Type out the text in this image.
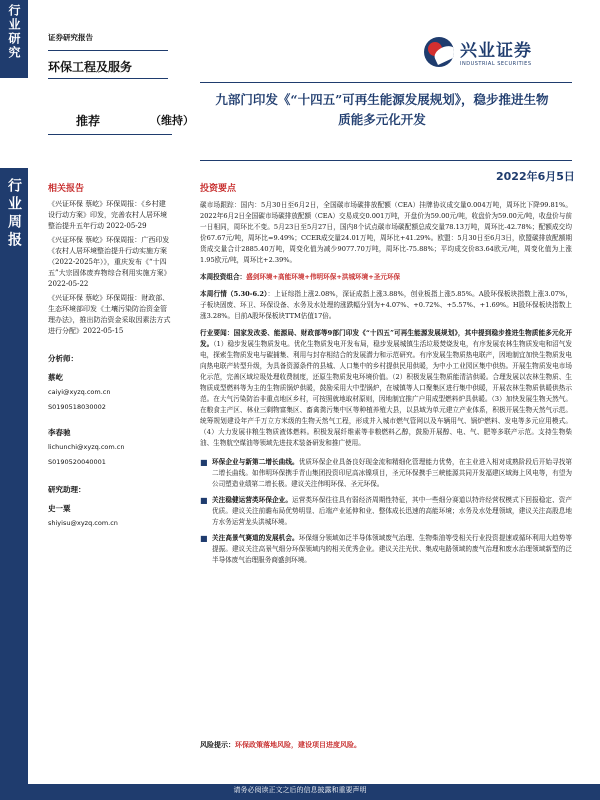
行业研究
行业周报
证券研究报告
环保工程及服务
兴业证券
INDUSTRIAL SECURITIES
推荐	（维持）
九部门印发《“十四五”可再生能源发展规划》，稳步推进生物质能多元化开发
2022年6月5日
相关报告
《兴证环保 蔡屹》环保周报：《乡村建设行动方案》印发，完善农村人居环境整治提升五年行动 2022-05-29
《兴证环保 蔡屹》环保周报：广西印发《农村人居环境整治提升行动实施方案（2022-2025年）》，重庆发布《“十四五”大宗固体废弃物综合利用实施方案》2022-05-22
《兴证环保 蔡屹》环保周报：财政部、生态环境部印发《土壤污染防治资金管理办法》，推出防治资金采取因素法方式进行分配》2022-05-15
分析师：
蔡屹
caiyi@xyzq.com.cn
S0190518030002
李春驰
lichunchi@xyzq.com.cn
S0190520040001
研究助理：
史一粟
shiyisu@xyzq.com.cn
投资要点
碳市场跟踪：国内：5月30日至6月2日，全国碳市场碳排放配额（CEA）挂牌协议成交量0.004万吨，周环比下降99.81%。2022年6月2日全国碳市场碳排放配额（CEA）交易成交0.001万吨，开盘价为59.00元/吨，收盘价为59.00元/吨，收盘价与前一日相同，周环比不变。5月23日至5月27日，国内8个试点碳市场碳配额总成交量78.13万吨，周环比-42.78%；配额成交均价67.67元/吨，周环比=9.49%；CCER成交量24.01万吨，周环比+41.29%。欧盟：5月30日至6月3日，欧盟碳排放配额期货成交量合计2885.40万吨，周变化值为减少9077.70万吨，周环比-75.88%；平均成交价83.64欧元/吨，周变化值为上涨1.95欧元/吨，周环比+2.39%。
本周投资组合：盛剑环境+高能环境+伟明环保+洪城环境+圣元环保
本周行情（5.30-6.2）：上证综指上涨2.08%，深证成指上涨3.88%，创业板指上涨5.85%。A股环保板块指数上涨3.07%，子板块固废、环卫、环保设备、水务及水处理的涨跌幅分别为+4.07%、+0.72%、+5.57%、+1.69%。H股环保板块指数上涨3.28%。目前A股环保板块TTM估值17倍。
行业要闻：国家发改委、能源局、财政部等9部门印发《“十四五”可再生能源发展规划》，其中提到稳步推进生物质能多元化开发。（1）稳步发展生物质发电。优化生物质发电开发布局，稳步发展城镇生活垃圾焚烧发电，有序发展农林生物质发电和沼气发电，探索生物质发电与碳捕集、利用与封存相结合的发展潜力和示范研究。有序发展生物质热电联产，因地制宜加快生物质发电向热电联产转型升级，为具备资源条件的县城、人口集中的乡村提供民用供暖，为中小工业园区集中供热。开展生物质发电市场化示范，完善区域垃圾处理收费制度，还原生物质发电环境价值。（2）积极发展生物质能清洁供暖。合理发展以农林生物质、生物质成型燃料等为主的生物质锅炉供暖，鼓励采用大中型锅炉，在城镇等人口聚集区进行集中供暖，开展农林生物质供暖供热示范。在大气污染防治非重点地区乡村，可按照就地取材原则，因地制宜推广户用成型燃料炉具供暖。（3）加快发展生物天然气。在粮食主产区、林业三剩物富集区、畜禽粪污集中区等种植养殖大县，以县域为单元建立产业体系，积极开展生物天然气示范。统筹规划建设年产千万立方米级的生物天然气工程，形成并入城市燃气管网以及车辆用气、锅炉燃料、发电等多元应用模式。（4）大力发展非粮生物质液体燃料。积极发展纤维素等非粮燃料乙醇，鼓励开展醇、电、气、肥等多联产示范。支持生物柴油、生物航空煤油等领域先进技术装备研发和推广使用。
■ 环保企业与新第二增长曲线。优质环保企业具备良好现金流和精细化管理能力优势，在主业进入相对成熟阶段后开始寻找第二增长曲线。如伟明环保携手青山集团投资印尼高冰镍项目，圣元环保携手三峡能源共同开发福建区域海上风电等，有望为公司塑造业绩第二增长极。建议关注伟明环保、圣元环保。
■ 关注稳健运营类环保企业。运营类环保往往具有弱经济周期性特征，其中一些细分赛道以特许经营权模式下回报稳定、资产优质。建议关注前瞻布局优势明显、后端产业延伸和业、整体成长迅速的高能环境；水务及水处理领域，建议关注高股息地方水务运营龙头洪城环境。
■ 关注高景气赛道的发展机会。环保细分领域如泛半导体领域废气治理、生物柴油等受相关行业投资提速或循环利用大趋势等提振。建议关注高景气细分环保领域内的相关优秀企业。建议关注光伏、集成电路领域的废气治理和废水治理领域新型的泛半导体废气治理服务商盛剑环境。
风险提示：环保政策落地风险，建设项目进度风险。
请务必阅读正文之后的信息披露和重要声明
